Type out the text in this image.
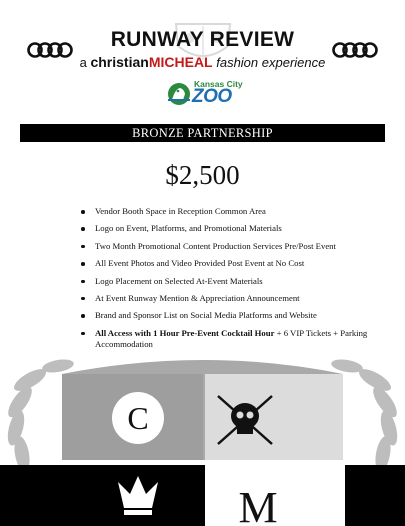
RUNWAY REVIEW
a christianMICHEAL fashion experience
Kansas City
ZOO
BRONZE PARTNERSHIP
$2,500
Vendor Booth Space in Reception Common Area
Logo on Event, Platforms, and Promotional Materials
Two Month Promotional Content Production Services Pre/Post Event
All Event Photos and Video Provided Post Event at No Cost
Logo Placement on Selected At-Event Materials
At Event Runway Mention & Appreciation Announcement
Brand and Sponsor List on Social Media Platforms and Website
All Access with 1 Hour Pre-Event Cocktail Hour + 6 VIP Tickets + Parking Accommodation
C
M
